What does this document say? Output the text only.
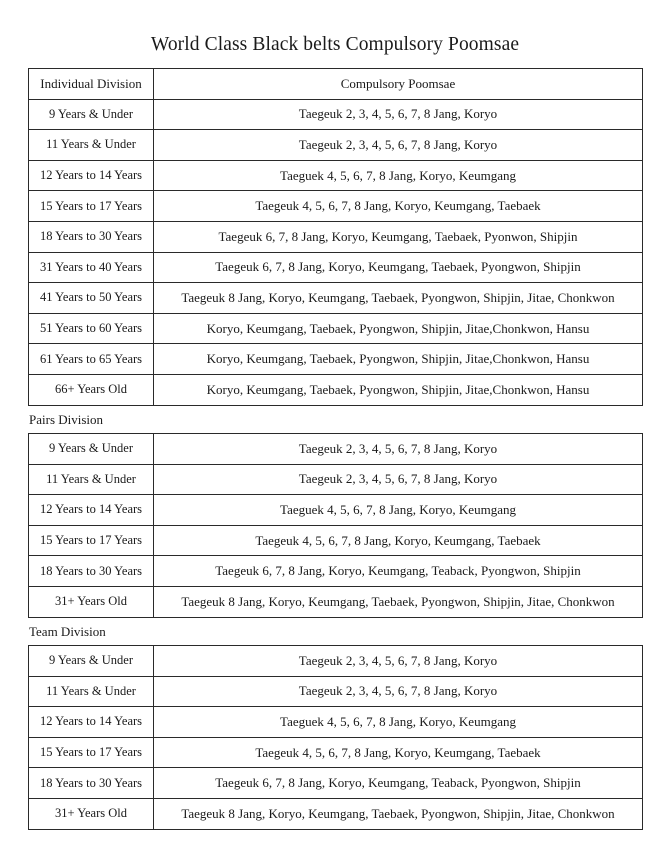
World Class Black belts Compulsory Poomsae
Individual Division	Compulsory Poomsae
9 Years & Under	Taegeuk 2, 3, 4, 5, 6, 7, 8 Jang, Koryo
11 Years & Under	Taegeuk 2, 3, 4, 5, 6, 7, 8 Jang, Koryo
12 Years to 14 Years	Taeguek 4, 5, 6, 7, 8 Jang, Koryo, Keumgang
15 Years to 17 Years	Taegeuk 4, 5, 6, 7, 8 Jang, Koryo, Keumgang, Taebaek
18 Years to 30 Years	Taegeuk 6, 7, 8 Jang, Koryo, Keumgang, Taebaek, Pyonwon, Shipjin
31 Years to 40 Years	Taegeuk 6, 7, 8 Jang, Koryo, Keumgang, Taebaek, Pyongwon, Shipjin
41 Years to 50 Years	Taegeuk 8 Jang, Koryo, Keumgang, Taebaek, Pyongwon, Shipjin, Jitae, Chonkwon
51 Years to 60 Years	Koryo, Keumgang, Taebaek, Pyongwon, Shipjin, Jitae,Chonkwon, Hansu
61 Years to 65 Years	Koryo, Keumgang, Taebaek, Pyongwon, Shipjin, Jitae,Chonkwon, Hansu
66+ Years Old	Koryo, Keumgang, Taebaek, Pyongwon, Shipjin, Jitae,Chonkwon, Hansu
Pairs Division
9 Years & Under	Taegeuk 2, 3, 4, 5, 6, 7, 8 Jang, Koryo
11 Years & Under	Taegeuk 2, 3, 4, 5, 6, 7, 8 Jang, Koryo
12 Years to 14 Years	Taeguek 4, 5, 6, 7, 8 Jang, Koryo, Keumgang
15 Years to 17 Years	Taegeuk 4, 5, 6, 7, 8 Jang, Koryo, Keumgang, Taebaek
18 Years to 30 Years	Taegeuk 6, 7, 8 Jang, Koryo, Keumgang, Teaback, Pyongwon, Shipjin
31+ Years Old	Taegeuk 8 Jang, Koryo, Keumgang, Taebaek, Pyongwon, Shipjin, Jitae, Chonkwon
Team Division
9 Years & Under	Taegeuk 2, 3, 4, 5, 6, 7, 8 Jang, Koryo
11 Years & Under	Taegeuk 2, 3, 4, 5, 6, 7, 8 Jang, Koryo
12 Years to 14 Years	Taeguek 4, 5, 6, 7, 8 Jang, Koryo, Keumgang
15 Years to 17 Years	Taegeuk 4, 5, 6, 7, 8 Jang, Koryo, Keumgang, Taebaek
18 Years to 30 Years	Taegeuk 6, 7, 8 Jang, Koryo, Keumgang, Teaback, Pyongwon, Shipjin
31+ Years Old	Taegeuk 8 Jang, Koryo, Keumgang, Taebaek, Pyongwon, Shipjin, Jitae, Chonkwon
